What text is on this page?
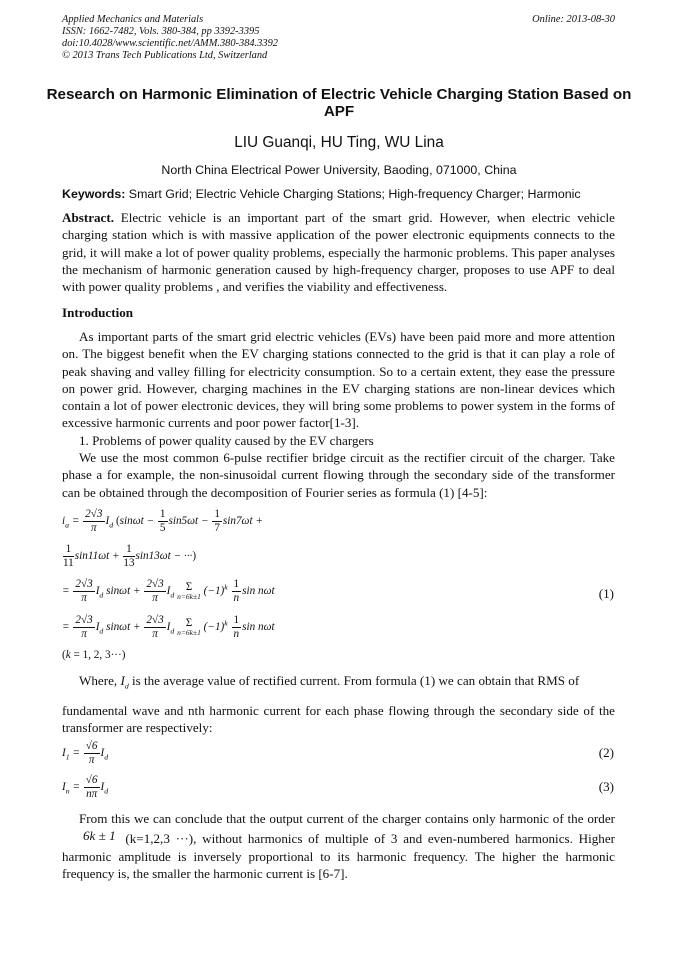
Applied Mechanics and Materials
ISSN: 1662-7482, Vols. 380-384, pp 3392-3395
doi:10.4028/www.scientific.net/AMM.380-384.3392
© 2013 Trans Tech Publications Ltd, Switzerland
Online: 2013-08-30
Research on Harmonic Elimination of Electric Vehicle Charging Station Based on APF
LIU Guanqi, HU Ting, WU Lina
North China Electrical Power University, Baoding, 071000, China
Keywords: Smart Grid; Electric Vehicle Charging Stations; High-frequency Charger; Harmonic

Abstract. Electric vehicle is an important part of the smart grid. However, when electric vehicle charging station which is with massive application of the power electronic equipments connects to the grid, it will make a lot of power quality problems, especially the harmonic problems. This paper analyses the mechanism of harmonic generation caused by high-frequency charger, proposes to use APF to deal with power quality problems , and verifies the viability and effectiveness.

Introduction

As important parts of the smart grid electric vehicles (EVs) have been paid more and more attention on. The biggest benefit when the EV charging stations connected to the grid is that it can play a role of peak shaving and valley filling for electricity consumption. So to a certain extent, they ease the pressure on power grid. However, charging machines in the EV charging stations are non-linear devices which contain a lot of power electronic devices, they will bring some problems to power system in the forms of excessive harmonic currents and poor power factor[1-3].

1. Problems of power quality caused by the EV chargers

We use the most common 6-pulse rectifier bridge circuit as the rectifier circuit of the charger. Take phase a for example, the non-sinusoidal current flowing through the secondary side of the transformer can be obtained through the decomposition of Fourier series as formula (1) [4-5]:

$i_a = \frac{2√3}{\pi} I_d$ ($\sin\omega t - \frac{1}{5} \sin 5\omega t - \frac{1}{7} \sin 7\omega t$ +
$\frac{1}{11} \sin 11\omega t + \frac{1}{13} \sin 13\omega t$ − ···)
= $\frac{2√3}{\pi} I_d$ $\sin\omega t + \frac{2√3}{\pi} I_d$ Σ
n=6k±1 $(-1)^k \frac{1}{n}$ sin nωt	(1)
= $\frac{2√3}{\pi} I_d$ $\sin\omega t + \frac{2√3}{\pi} I_d$ Σ
n=6k±1 $(-1)^k \frac{1}{n}$ sin nωt
(k = 1, 2, 3···)

Where, $I_d$ is the average value of rectified current. From formula (1) we can obtain that RMS of

fundamental wave and nth harmonic current for each phase flowing through the secondary side of the transformer are respectively:

$I_1 = \frac{√6}{\pi} I_d$	(2)
$I_n = \frac{√6}{n\pi} I_d$	(3)

From this we can conclude that the output current of the charger contains only harmonic of the order6k ± 1 (k=1,2,3 ···), without harmonics of multiple of 3 and even-numbered harmonics. Higher harmonic amplitude is inversely proportional to its harmonic frequency. The higher the harmonic frequency is, the smaller the harmonic current is [6-7].
